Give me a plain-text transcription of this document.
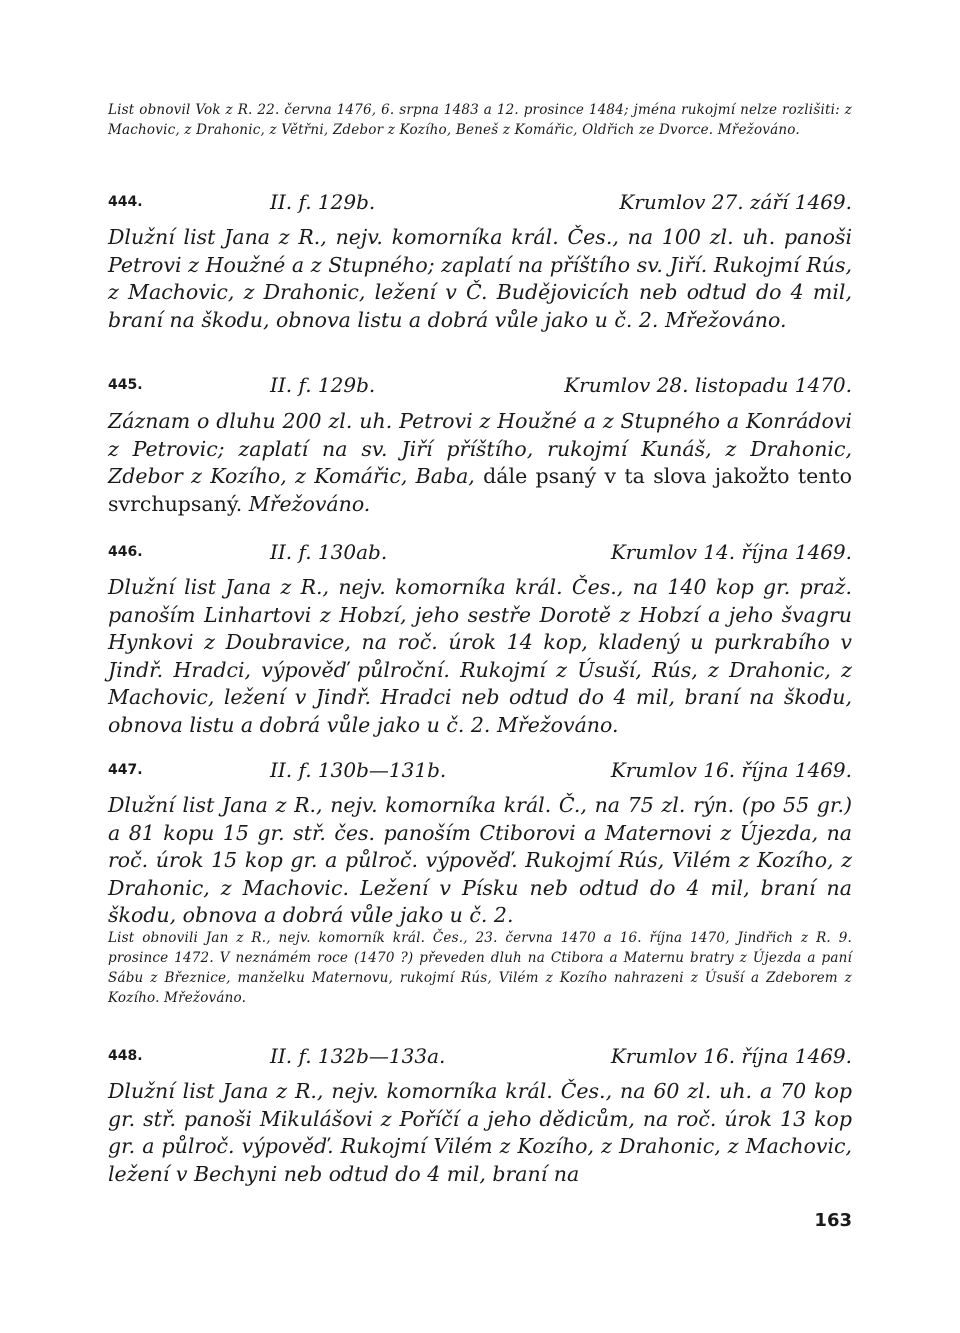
List obnovil Vok z R. 22. června 1476, 6. srpna 1483 a 12. prosince 1484; jména rukojmí nelze rozlišiti: z Machovic, z Drahonic, z Větřni, Zdebor z Kozího, Beneš z Komářic, Oldřich ze Dvorce. Mřežováno.
444.	II. f. 129b.	Krumlov 27. září 1469.
Dlužní list Jana z R., nejv. komorníka král. Čes., na 100 zl. uh. panoši Petrovi z Houžné a z Stupného; zaplatí na příštího sv. Jiří. Rukojmí Rús, z Machovic, z Drahonic, ležení v Č. Budějovicích neb odtud do 4 mil, braní na škodu, obnova listu a dobrá vůle jako u č. 2. Mřežováno.
445.	II. f. 129b.	Krumlov 28. listopadu 1470.
Záznam o dluhu 200 zl. uh. Petrovi z Houžné a z Stupného a Konrádovi z Petrovic; zaplatí na sv. Jiří příštího, rukojmí Kunáš, z Drahonic, Zdebor z Kozího, z Komářic, Baba, dále psaný v ta slova jakožto tento svrchupsaný. Mřežováno.
446.	II. f. 130ab.	Krumlov 14. října 1469.
Dlužní list Jana z R., nejv. komorníka král. Čes., na 140 kop gr. praž. panoším Linhartovi z Hobzí, jeho sestře Dorotě z Hobzí a jeho švagru Hynkovi z Doubravice, na roč. úrok 14 kop, kladený u purkrabího v Jindř. Hradci, výpověď půlroční. Rukojmí z Úsuší, Rús, z Drahonic, z Machovic, ležení v Jindř. Hradci neb odtud do 4 mil, braní na škodu, obnova listu a dobrá vůle jako u č. 2. Mřežováno.
447.	II. f. 130b—131b.	Krumlov 16. října 1469.
Dlužní list Jana z R., nejv. komorníka král. Č., na 75 zl. rýn. (po 55 gr.) a 81 kopu 15 gr. stř. čes. panoším Ctiborovi a Maternovi z Újezda, na roč. úrok 15 kop gr. a půlroč. výpověď. Rukojmí Rús, Vilém z Kozího, z Drahonic, z Machovic. Ležení v Písku neb odtud do 4 mil, braní na škodu, obnova a dobrá vůle jako u č. 2.
List obnovili Jan z R., nejv. komorník král. Čes., 23. června 1470 a 16. října 1470, Jindřich z R. 9. prosince 1472. V neznámém roce (1470 ?) převeden dluh na Ctibora a Maternu bratry z Újezda a paní Sábu z Březnice, manželku Maternovu, rukojmí Rús, Vilém z Kozího nahrazeni z Úsuší a Zdeborem z Kozího. Mřežováno.
448.	II. f. 132b—133a.	Krumlov 16. října 1469.
Dlužní list Jana z R., nejv. komorníka král. Čes., na 60 zl. uh. a 70 kop gr. stř. panoši Mikulášovi z Poříčí a jeho dědicům, na roč. úrok 13 kop gr. a půlroč. výpověď. Rukojmí Vilém z Kozího, z Drahonic, z Machovic, ležení v Bechyni neb odtud do 4 mil, braní na
163
